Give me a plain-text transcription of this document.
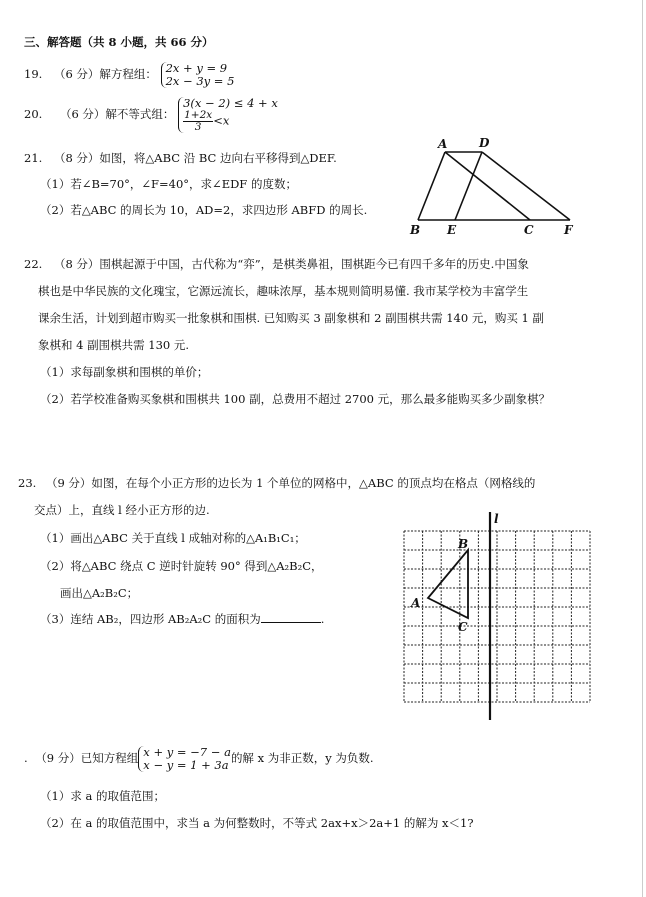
三、解答题（共 8 小题，共 66 分）
19. （6 分）解方程组： 2x + y = 9
2x − 3y = 5
20. （6 分）解不等式组：
3(x − 2) ≤ 4 + x
$\frac{1+2x}{3} <x$
21. （8 分）如图，将△ABC 沿 BC 边向右平移得到△DEF.
（1）若∠B=70°，∠F=40°，求∠EDF 的度数；
（2）若△ABC 的周长为 10，AD=2，求四边形 ABFD 的周长.
A	D
B E	C	F
22. （8 分）围棋起源于中国，古代称为“弈”，是棋类鼻祖，围棋距今已有四千多年的历史.中国象
棋也是中华民族的文化瑰宝，它源远流长，趣味浓厚，基本规则简明易懂. 我市某学校为丰富学生
课余生活，计划到超市购买一批象棋和围棋. 已知购买 3 副象棋和 2 副围棋共需 140 元，购买 1 副
象棋和 4 副围棋共需 130 元.
（1）求每副象棋和围棋的单价；
（2）若学校准备购买象棋和围棋共 100 副，总费用不超过 2700 元，那么最多能购买多少副象棋？
23. （9 分）如图，在每个小正方形的边长为 1 个单位的网格中，△ABC 的顶点均在格点（网格线的
交点）上，直线 l 经小正方形的边.
（1）画出△ABC 关于直线 l 成轴对称的△A₁B₁C₁；
（2）将△ABC 绕点 C 逆时针旋转 90° 得到△A₂B₂C，
画出△A₂B₂C；
（3）连结 AB₂，四边形 AB₂A₂C 的面积为	.
l
B
A
C
. （9 分）已知方程组 x + y = −7 − a
x − y = 1 + 3a 的解 x 为非正数，y 为负数.
（1）求 a 的取值范围；
（2）在 a 的取值范围中，求当 a 为何整数时，不等式 2ax+x＞2a+1 的解为 x＜1?
